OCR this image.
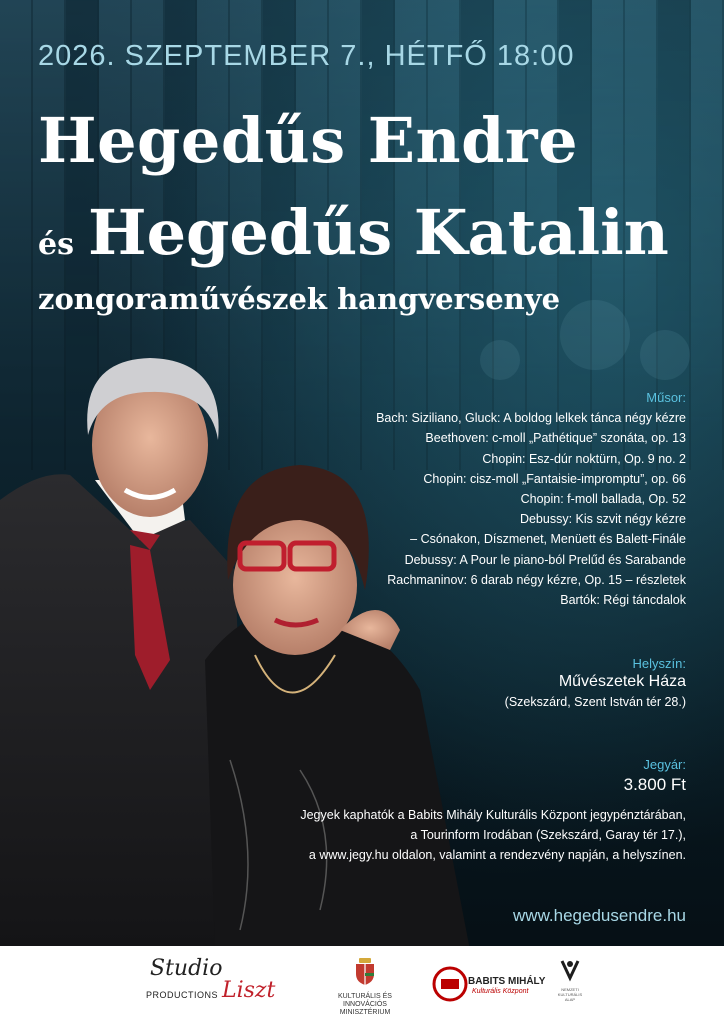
2026. SZEPTEMBER 7., HÉTFŐ 18:00
Hegedűs Endre
és Hegedűs Katalin
zongoraművészek hangversenye
Műsor:
Bach: Siziliano, Gluck: A boldog lelkek tánca négy kézre
Beethoven: c-moll „Pathétique” szonáta, op. 13
Chopin: Esz-dúr noktürn, Op. 9 no. 2
Chopin: cisz-moll „Fantaisie-impromptu”, op. 66
Chopin: f-moll ballada, Op. 52
Debussy: Kis szvit négy kézre
– Csónakon, Díszmenet, Menüett és Balett-Finále
Debussy: A Pour le piano-ból Prelűd és Sarabande
Rachmaninov: 6 darab négy kézre, Op. 15 – részletek
Bartók: Régi táncdalok
Helyszín:
Művészetek Háza
(Szekszárd, Szent István tér 28.)
Jegyár:
3.800 Ft
Jegyek kaphatók a Babits Mihály Kulturális Központ jegypénztárában,
a Tourinform Irodában (Szekszárd, Garay tér 17.),
a www.jegy.hu oldalon, valamint a rendezvény napján, a helyszínen.
www.hegedusendre.hu
Studio
PRODUCTIONS Liszt	KULTURÁLIS ÉS INNOVÁCIÓS MINISZTÉRIUM
BABITS MIHÁLY
Kulturális Központ	NEMZETI KULTURÁLIS ALAP
